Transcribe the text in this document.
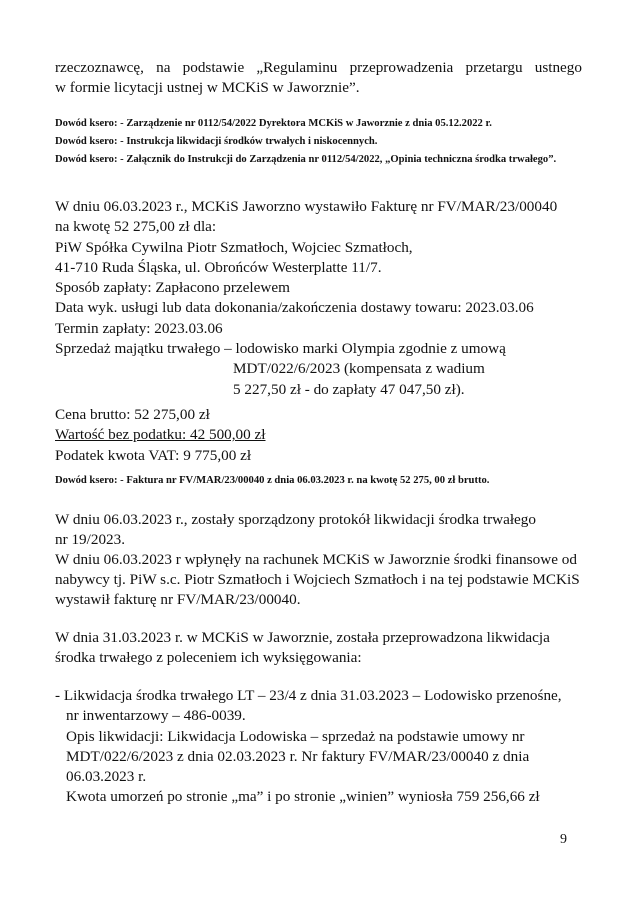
rzeczoznawcę, na podstawie „Regulaminu przeprowadzenia przetargu ustnego
w formie licytacji ustnej w MCKiS w Jaworznie”.
Dowód ksero: - Zarządzenie nr 0112/54/2022 Dyrektora MCKiS w Jaworznie z dnia 05.12.2022 r.
Dowód ksero: - Instrukcja likwidacji środków trwałych i niskocennych.
Dowód ksero: - Załącznik do Instrukcji do Zarządzenia nr 0112/54/2022, „Opinia techniczna środka trwałego”.
W dniu 06.03.2023 r., MCKiS Jaworzno wystawiło Fakturę nr FV/MAR/23/00040
na kwotę 52 275,00 zł dla:
PiW Spółka Cywilna Piotr Szmatłoch, Wojciec Szmatłoch,
41-710 Ruda Śląska, ul. Obrońców Westerplatte 11/7.
Sposób zapłaty: Zapłacono przelewem
Data wyk. usługi lub data dokonania/zakończenia dostawy towaru: 2023.03.06
Termin zapłaty: 2023.03.06
Sprzedaż majątku trwałego – lodowisko marki Olympia zgodnie z umową
MDT/022/6/2023 (kompensata z wadium
5 227,50 zł - do zapłaty 47 047,50 zł).
Cena brutto: 52 275,00 zł
Wartość bez podatku: 42 500,00 zł
Podatek kwota VAT: 9 775,00 zł
Dowód ksero: - Faktura nr FV/MAR/23/00040 z dnia 06.03.2023 r. na kwotę 52 275, 00 zł brutto.
W dniu 06.03.2023 r., zostały sporządzony protokół likwidacji środka trwałego
nr 19/2023.
W dniu 06.03.2023 r wpłynęły na rachunek MCKiS w Jaworznie środki finansowe od
nabywcy tj. PiW s.c. Piotr Szmatłoch i Wojciech Szmatłoch i na tej podstawie MCKiS
wystawił fakturę nr FV/MAR/23/00040.
W dnia 31.03.2023 r. w MCKiS w Jaworznie, została przeprowadzona likwidacja
środka trwałego z poleceniem ich wyksięgowania:
- Likwidacja środka trwałego LT – 23/4 z dnia 31.03.2023 – Lodowisko przenośne,
nr inwentarzowy – 486-0039.
Opis likwidacji: Likwidacja Lodowiska – sprzedaż na podstawie umowy nr
MDT/022/6/2023 z dnia 02.03.2023 r. Nr faktury FV/MAR/23/00040 z dnia
06.03.2023 r.
Kwota umorzeń po stronie „ma” i po stronie „winien” wyniosła 759 256,66 zł
9
